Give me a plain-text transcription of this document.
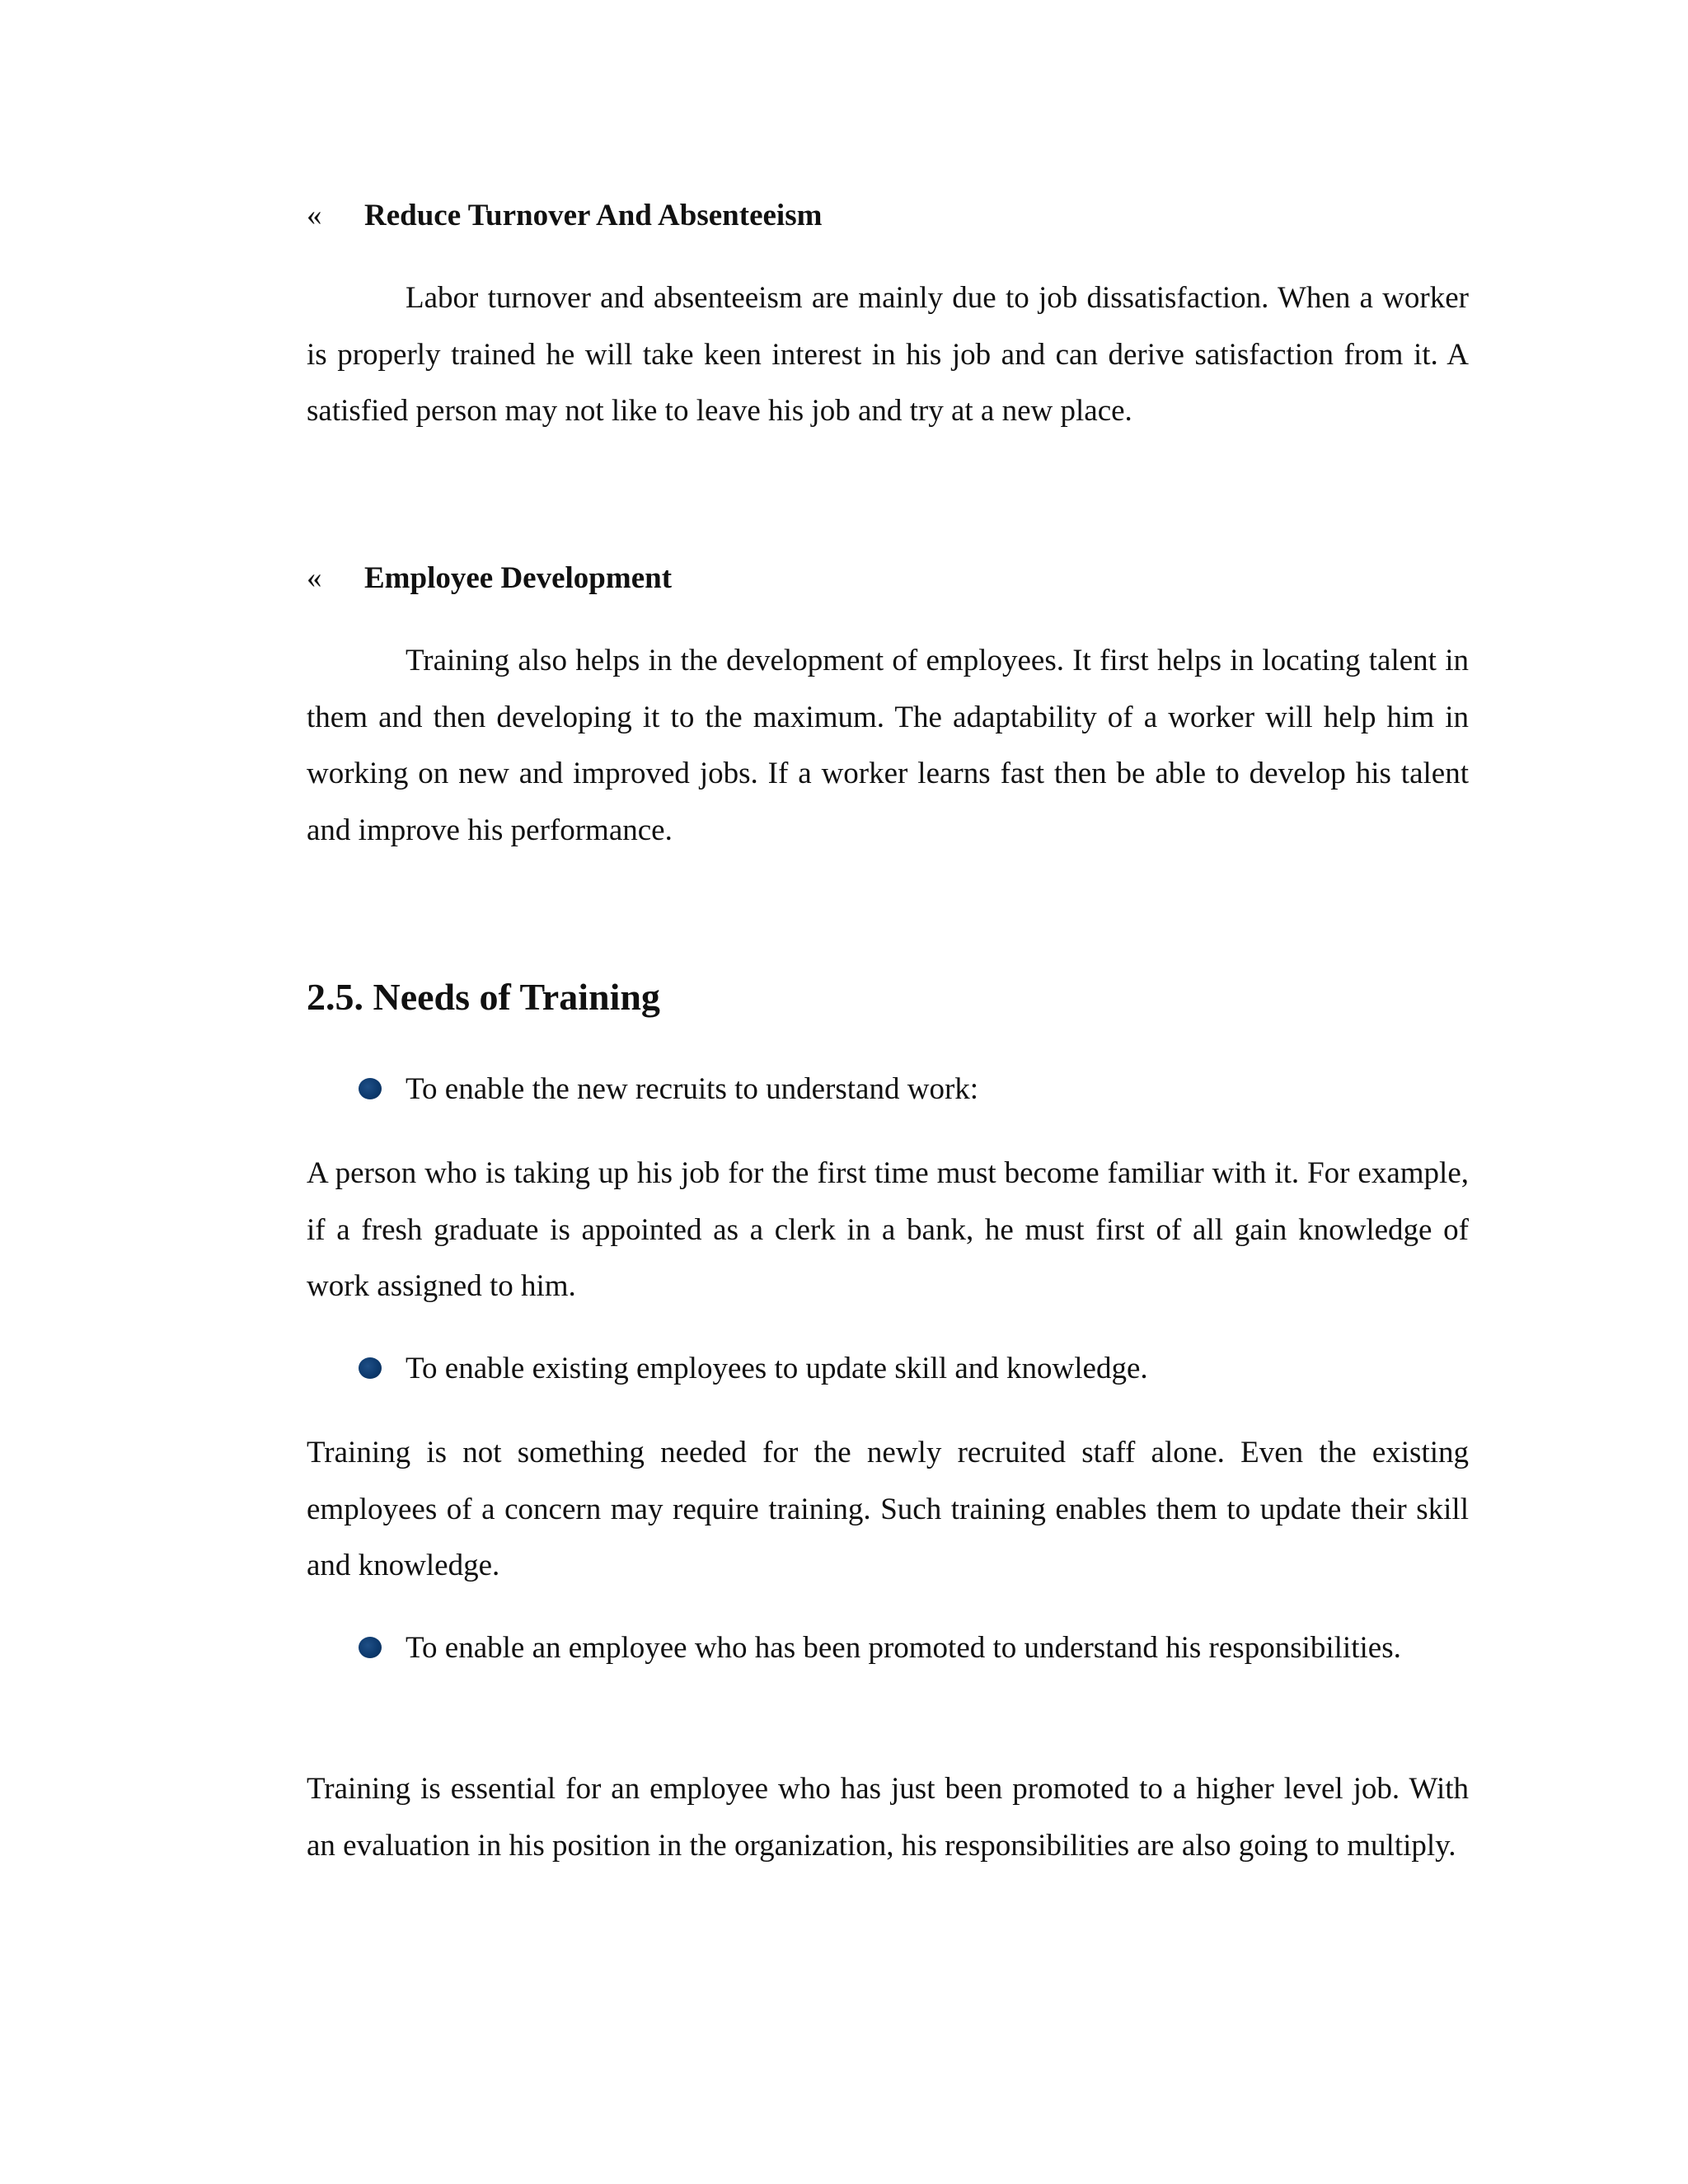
« Reduce Turnover And Absenteeism

Labor turnover and absenteeism are mainly due to job dissatisfaction. When a worker is properly trained he will take keen interest in his job and can derive satisfaction from it. A satisfied person may not like to leave his job and try at a new place.

« Employee Development

Training also helps in the development of employees. It first helps in locating talent in them and then developing it to the maximum. The adaptability of a worker will help him in working on new and improved jobs. If a worker learns fast then be able to develop his talent and improve his performance.

2.5. Needs of Training
To enable the new recruits to understand work:

A person who is taking up his job for the first time must become familiar with it. For example, if a fresh graduate is appointed as a clerk in a bank, he must first of all gain knowledge of work assigned to him.

To enable existing employees to update skill and knowledge.

Training is not something needed for the newly recruited staff alone. Even the existing employees of a concern may require training. Such training enables them to update their skill and knowledge.

To enable an employee who has been promoted to understand his responsibilities.

Training is essential for an employee who has just been promoted to a higher level job. With an evaluation in his position in the organization, his responsibilities are also going to multiply.
